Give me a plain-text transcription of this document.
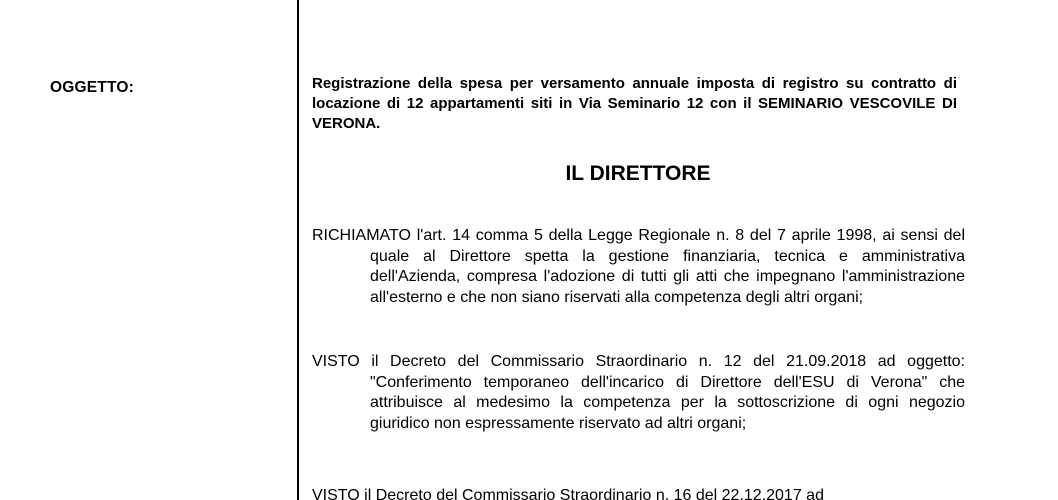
OGGETTO:	Registrazione della spesa per versamento annuale imposta di registro su contratto di locazione di 12 appartamenti siti in Via Seminario 12 con il SEMINARIO VESCOVILE DI VERONA.
IL DIRETTORE
RICHIAMATO l'art. 14 comma 5 della Legge Regionale n. 8 del 7 aprile 1998, ai sensi del quale al Direttore spetta la gestione finanziaria, tecnica e amministrativa dell'Azienda, compresa l'adozione di tutti gli atti che impegnano l'amministrazione all'esterno e che non siano riservati alla competenza degli altri organi;
VISTO il Decreto del Commissario Straordinario n. 12 del 21.09.2018 ad oggetto: "Conferimento temporaneo dell'incarico di Direttore dell'ESU di Verona" che attribuisce al medesimo la competenza per la sottoscrizione di ogni negozio giuridico non espressamente riservato ad altri organi;
VISTO il Decreto del Commissario Straordinario n. 16 del 22.12.2017 ad
